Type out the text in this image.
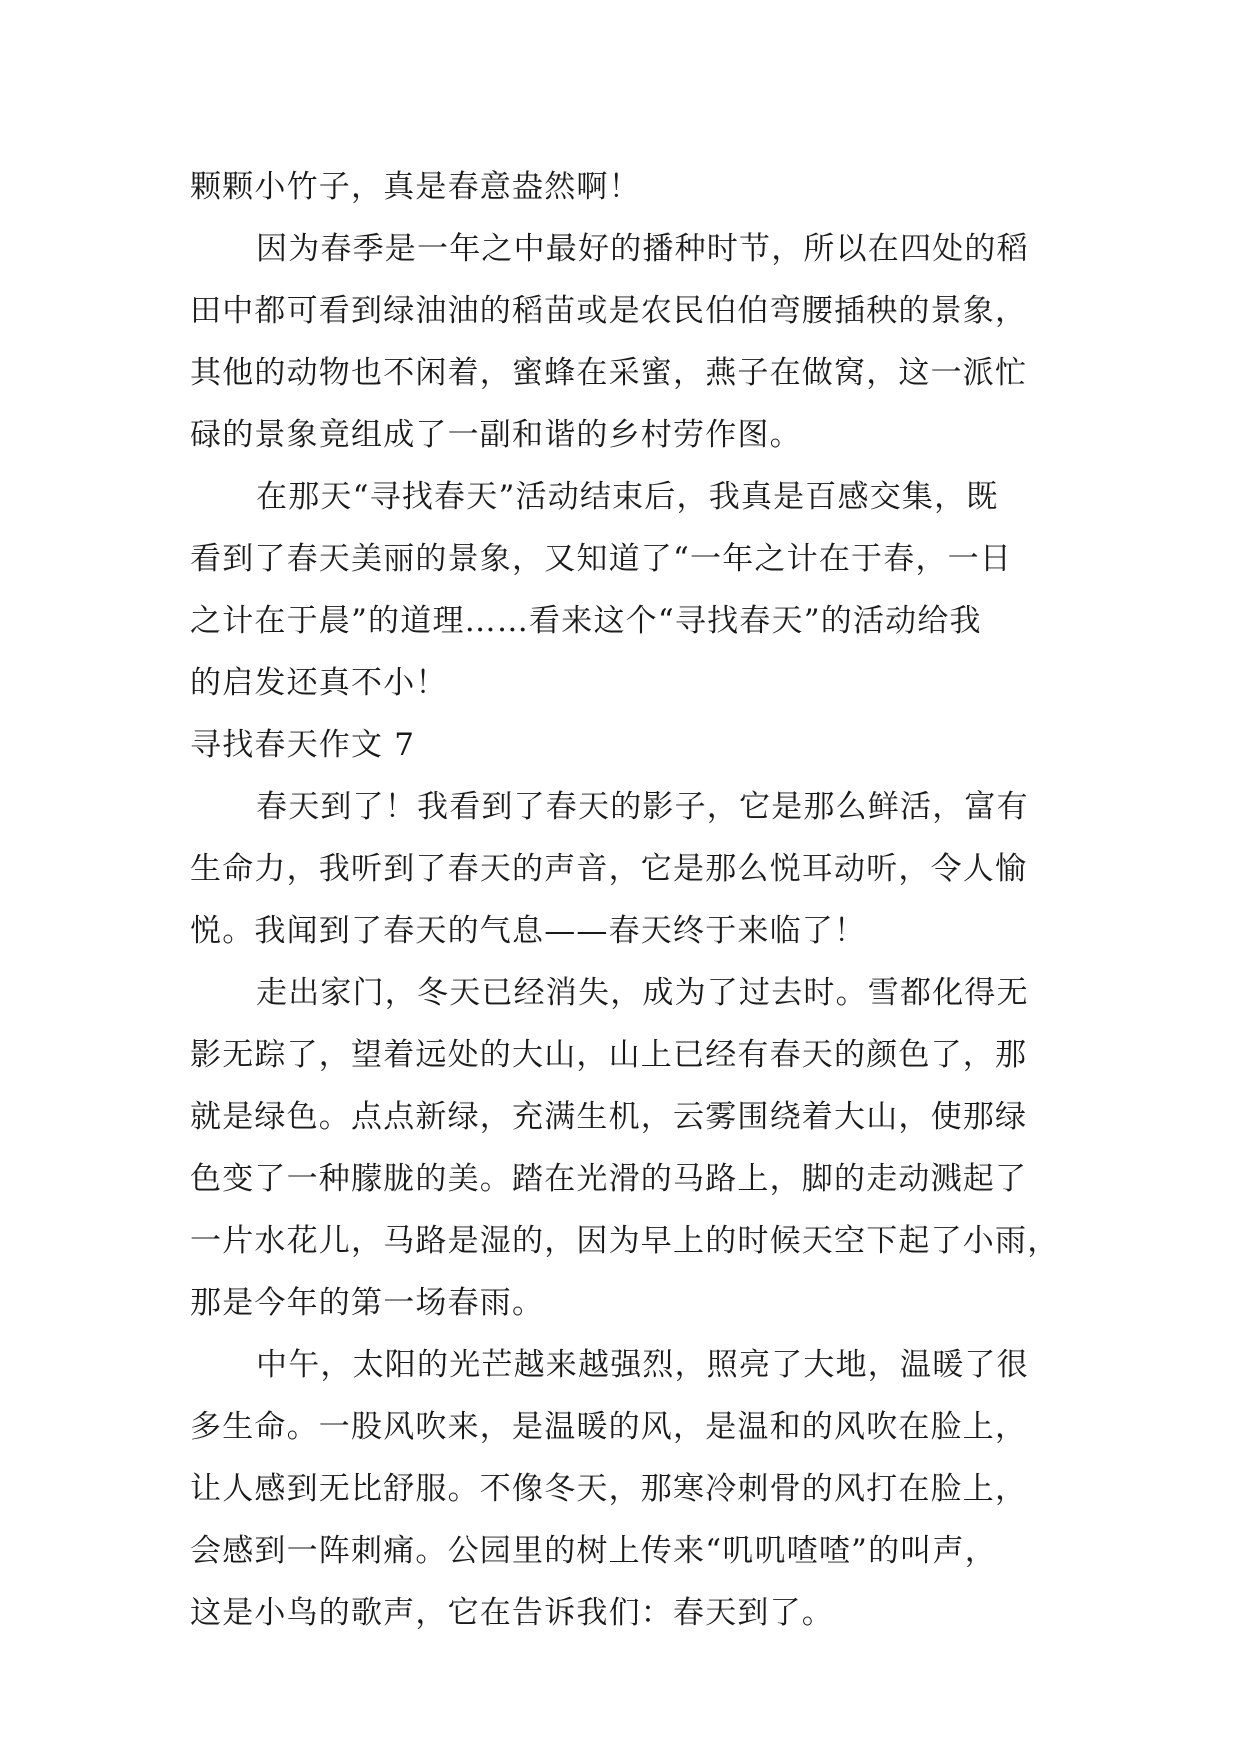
颗颗小竹子，真是春意盎然啊！
因为春季是一年之中最好的播种时节，所以在四处的稻
田中都可看到绿油油的稻苗或是农民伯伯弯腰插秧的景象，
其他的动物也不闲着，蜜蜂在采蜜，燕子在做窝，这一派忙
碌的景象竟组成了一副和谐的乡村劳作图。
在那天“寻找春天”活动结束后，我真是百感交集，既
看到了春天美丽的景象，又知道了“一年之计在于春，一日
之计在于晨”的道理……看来这个“寻找春天”的活动给我
的启发还真不小！
寻找春天作文 7
春天到了！我看到了春天的影子，它是那么鲜活，富有
生命力，我听到了春天的声音，它是那么悦耳动听，令人愉
悦。我闻到了春天的气息——春天终于来临了！
走出家门，冬天已经消失，成为了过去时。雪都化得无
影无踪了，望着远处的大山，山上已经有春天的颜色了，那
就是绿色。点点新绿，充满生机，云雾围绕着大山，使那绿
色变了一种朦胧的美。踏在光滑的马路上，脚的走动溅起了
一片水花儿，马路是湿的，因为早上的时候天空下起了小雨，
那是今年的第一场春雨。
中午，太阳的光芒越来越强烈，照亮了大地，温暖了很
多生命。一股风吹来，是温暖的风，是温和的风吹在脸上，
让人感到无比舒服。不像冬天，那寒冷刺骨的风打在脸上，
会感到一阵刺痛。公园里的树上传来“叽叽喳喳”的叫声，
这是小鸟的歌声，它在告诉我们：春天到了。
